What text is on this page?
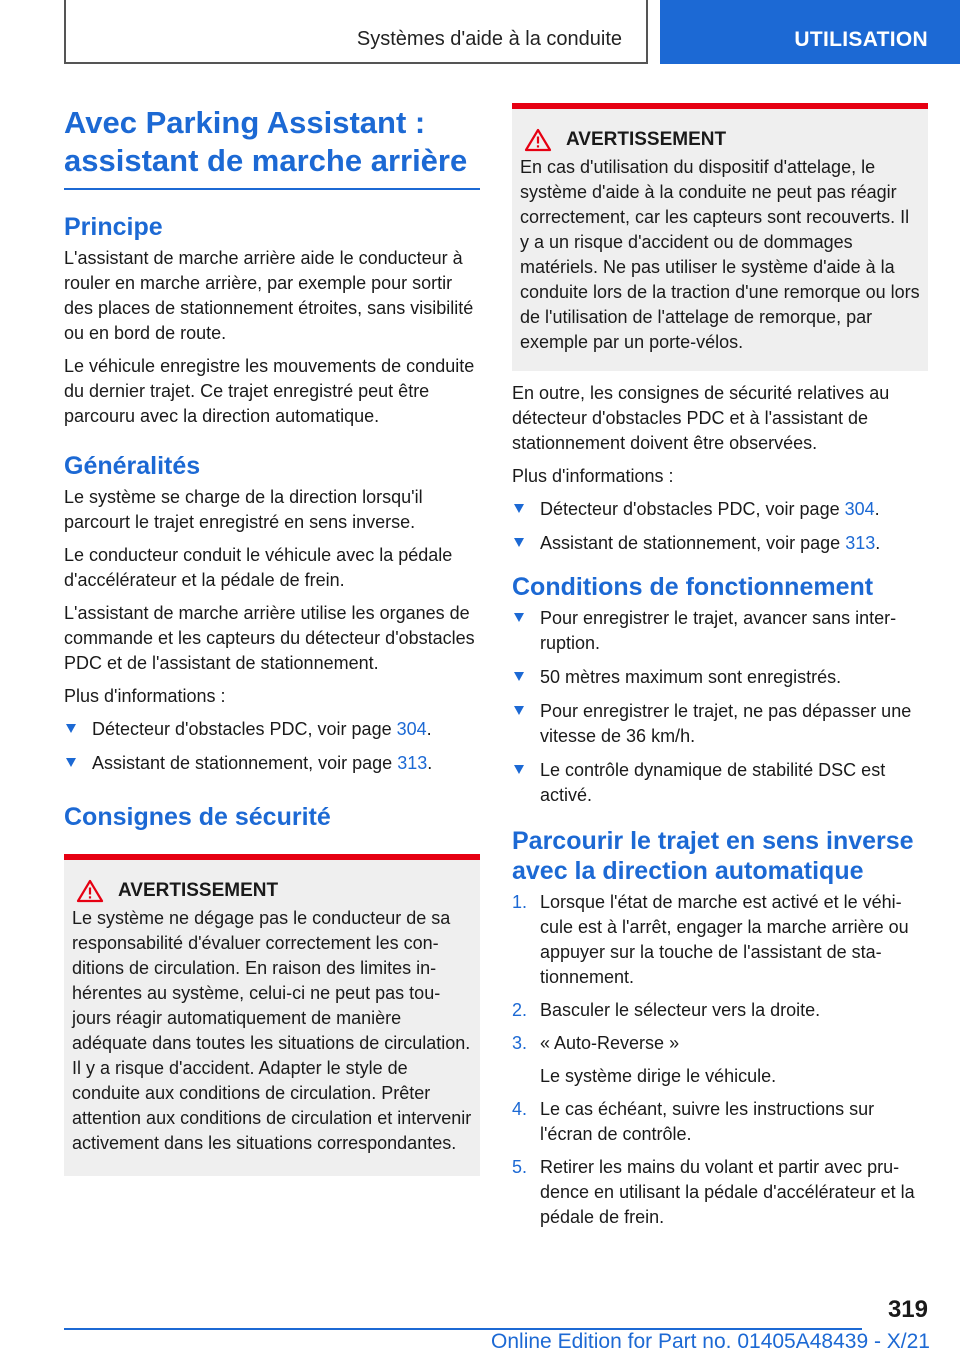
Systèmes d'aide à la conduite	UTILISATION
Avec Parking Assistant : assistant de marche arrière
Principe

L'assistant de marche arrière aide le conducteur à rouler en marche arrière, par exemple pour sortir des places de stationnement étroites, sans visibilité ou en bord de route.

Le véhicule enregistre les mouvements de conduite du dernier trajet. Ce trajet enregistré peut être parcouru avec la direction automatique.

Généralités

Le système se charge de la direction lorsqu'il parcourt le trajet enregistré en sens inverse.

Le conducteur conduit le véhicule avec la pédale d'accélérateur et la pédale de frein.

L'assistant de marche arrière utilise les organes de commande et les capteurs du détecteur d'obstacles PDC et de l'assistant de stationnement.

Plus d'informations :

Détecteur d'obstacles PDC, voir page 304.
Assistant de stationnement, voir page 313.
Consignes de sécurité
AVERTISSEMENT

Le système ne dégage pas le conducteur de sa responsabilité d'évaluer correctement les conditions de circulation. En raison des limites inhérentes au système, celui-ci ne peut pas toujours réagir automatiquement de manière adéquate dans toutes les situations de circulation. Il y a risque d'accident. Adapter le style de conduite aux conditions de circulation. Prêter attention aux conditions de circulation et intervenir activement dans les situations correspondantes.

AVERTISSEMENT

En cas d'utilisation du dispositif d'attelage, le système d'aide à la conduite ne peut pas réagir correctement, car les capteurs sont recouverts. Il y a un risque d'accident ou de dommages matériels. Ne pas utiliser le système d'aide à la conduite lors de la traction d'une remorque ou lors de l'utilisation de l'attelage de remorque, par exemple par un porte-vélos.

En outre, les consignes de sécurité relatives au détecteur d'obstacles PDC et à l'assistant de stationnement doivent être observées.

Plus d'informations :

Détecteur d'obstacles PDC, voir page 304.
Assistant de stationnement, voir page 313.
Conditions de fonctionnement
Pour enregistrer le trajet, avancer sans interruption.
50 mètres maximum sont enregistrés.
Pour enregistrer le trajet, ne pas dépasser une vitesse de 36 km/h.
Le contrôle dynamique de stabilité DSC est activé.
Parcourir le trajet en sens inverse avec la direction automatique
1. Lorsque l'état de marche est activé et le véhicule est à l'arrêt, engager la marche arrière ou appuyer sur la touche de l'assistant de stationnement.
2. Basculer le sélecteur vers la droite.
3. « Auto-Reverse »
Le système dirige le véhicule.
4. Le cas échéant, suivre les instructions sur l'écran de contrôle.
5. Retirer les mains du volant et partir avec prudence en utilisant la pédale d'accélérateur et la pédale de frein.
319
Online Edition for Part no. 01405A48439 - X/21
